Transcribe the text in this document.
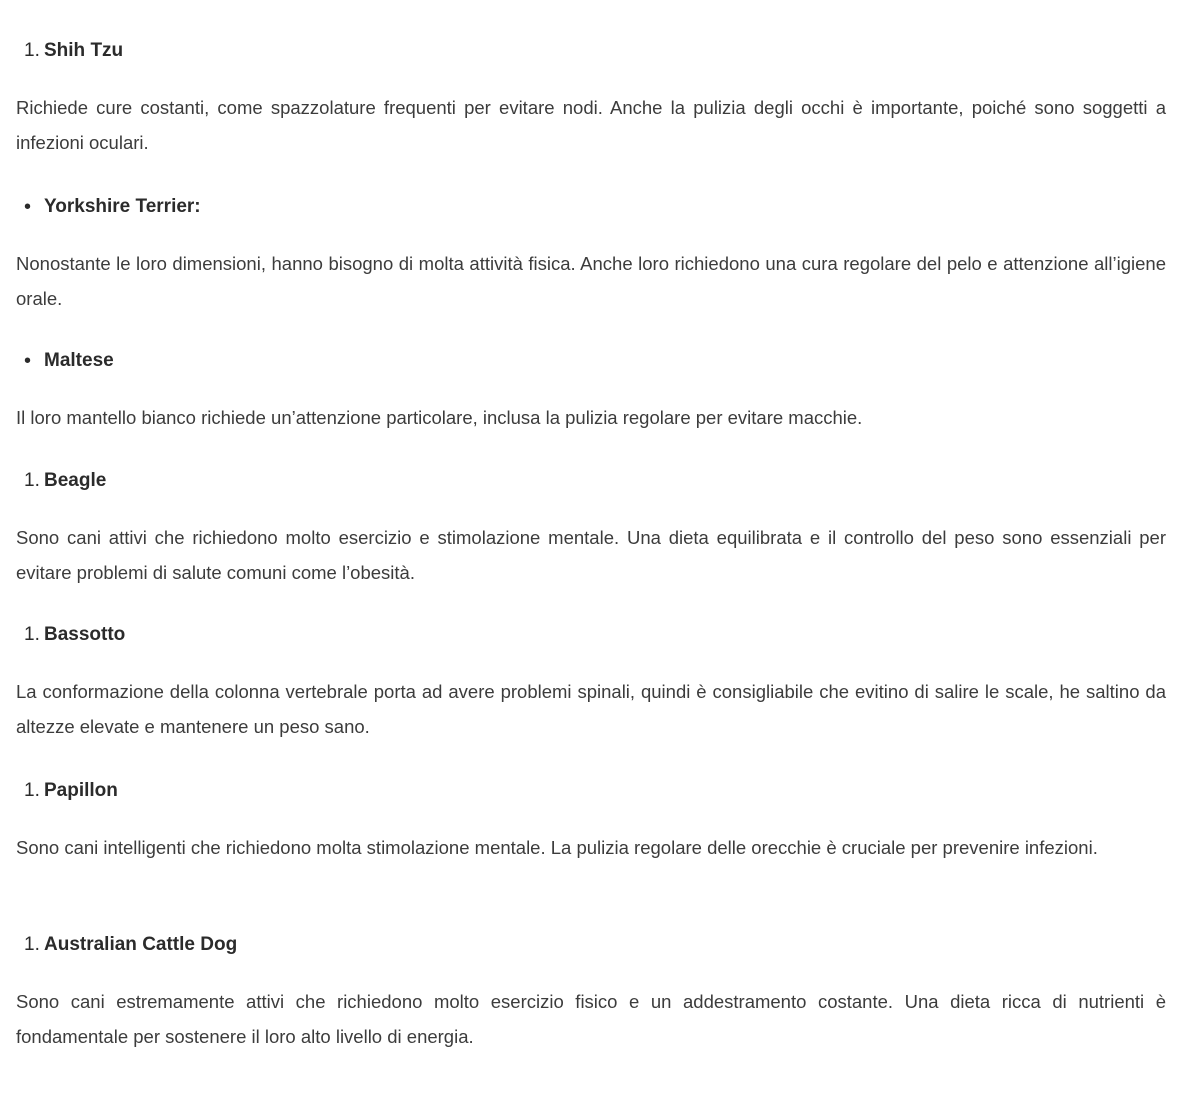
1. Shih Tzu

Richiede cure costanti, come spazzolature frequenti per evitare nodi. Anche la pulizia degli occhi è importante, poiché sono soggetti a infezioni oculari.

• Yorkshire Terrier:

Nonostante le loro dimensioni, hanno bisogno di molta attività fisica. Anche loro richiedono una cura regolare del pelo e attenzione all’igiene orale.

• Maltese

Il loro mantello bianco richiede un’attenzione particolare, inclusa la pulizia regolare per evitare macchie.

1. Beagle

Sono cani attivi che richiedono molto esercizio e stimolazione mentale. Una dieta equilibrata e il controllo del peso sono essenziali per evitare problemi di salute comuni come l’obesità.

1. Bassotto

La conformazione della colonna vertebrale porta ad avere problemi spinali, quindi è consigliabile che evitino di salire le scale, he saltino da altezze elevate e mantenere un peso sano.

1. Papillon

Sono cani intelligenti che richiedono molta stimolazione mentale. La pulizia regolare delle orecchie è cruciale per prevenire infezioni.

1. Australian Cattle Dog

Sono cani estremamente attivi che richiedono molto esercizio fisico e un addestramento costante. Una dieta ricca di nutrienti è fondamentale per sostenere il loro alto livello di energia.
